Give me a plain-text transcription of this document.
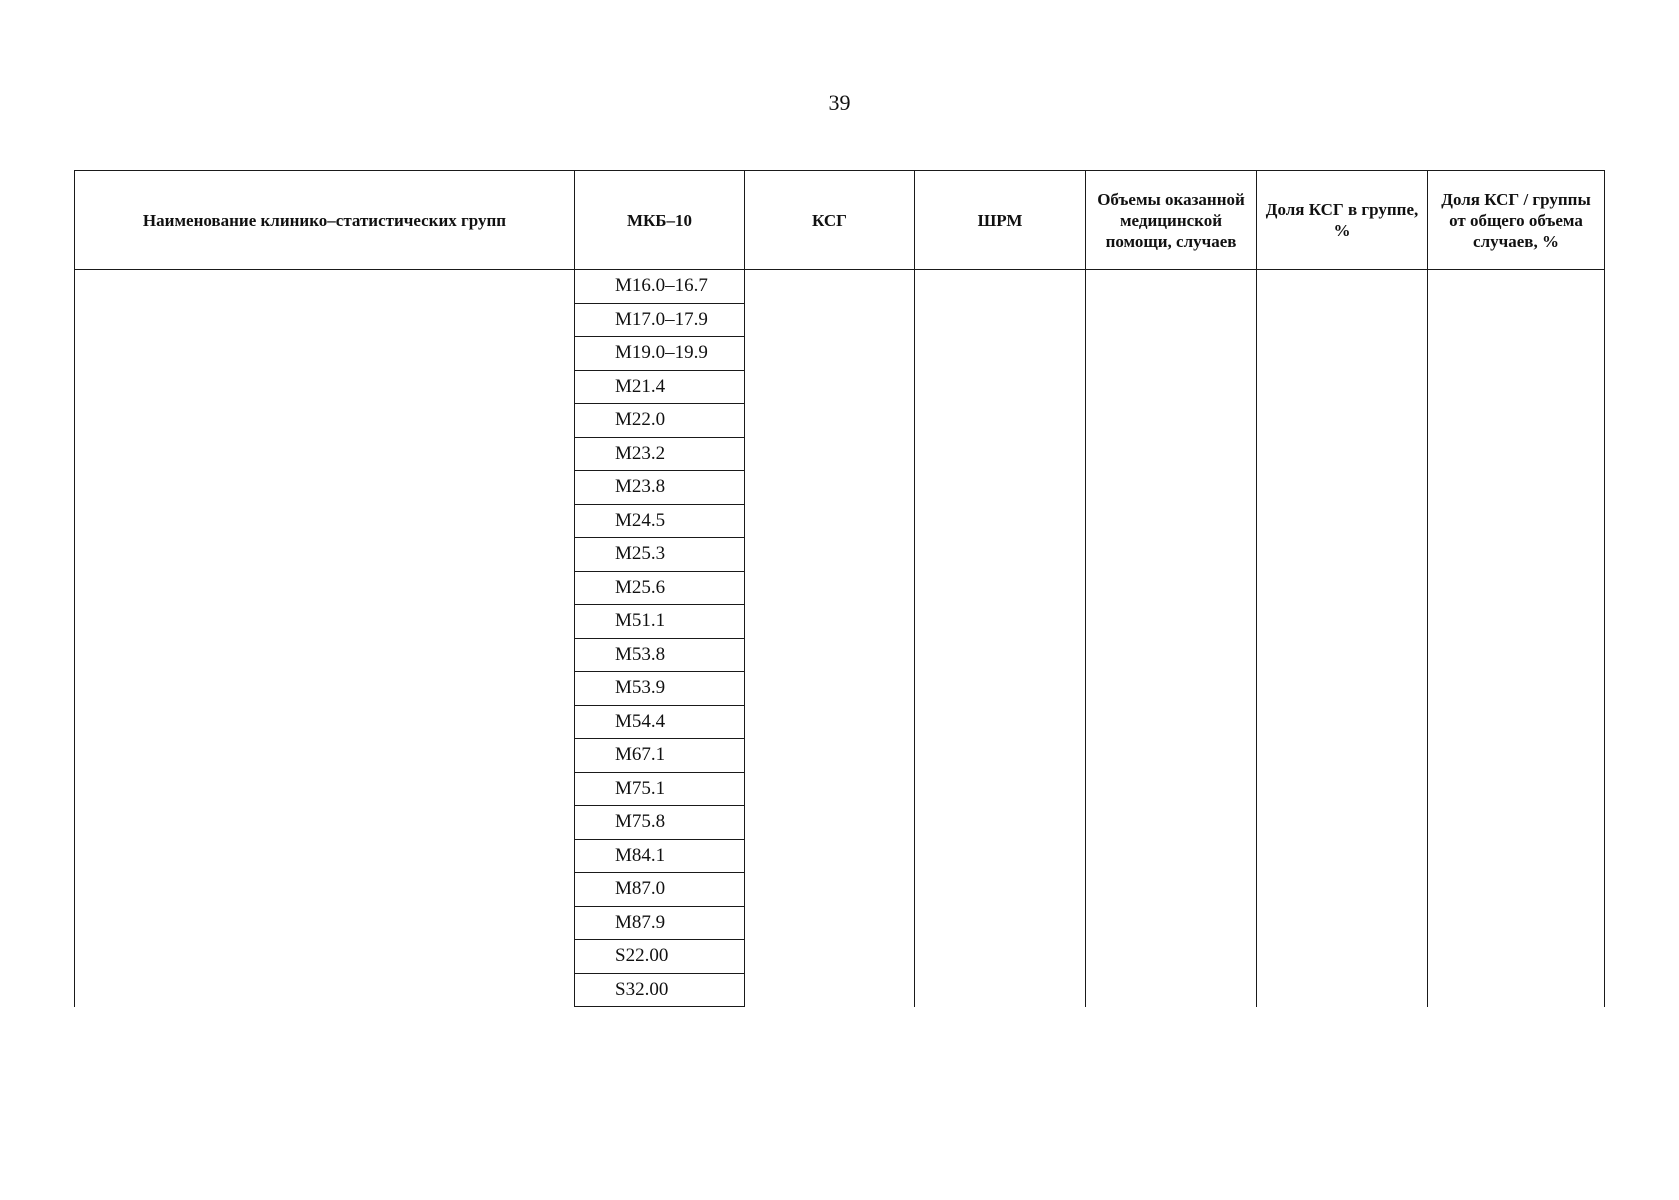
39
Наименование клинико–статистических групп	МКБ–10	КСГ	ШРМ	Объемы оказанной медицинской помощи, случаев	Доля КСГ в группе, %	Доля КСГ / группы от общего объема случаев, %
	М16.0–16.7					
	М17.0–17.9					
	М19.0–19.9					
	М21.4					
	М22.0					
	М23.2					
	М23.8					
	М24.5					
	М25.3					
	М25.6					
	М51.1					
	М53.8					
	М53.9					
	М54.4					
	М67.1					
	М75.1					
	М75.8					
	М84.1					
	М87.0					
	М87.9					
	S22.00					
	S32.00					
